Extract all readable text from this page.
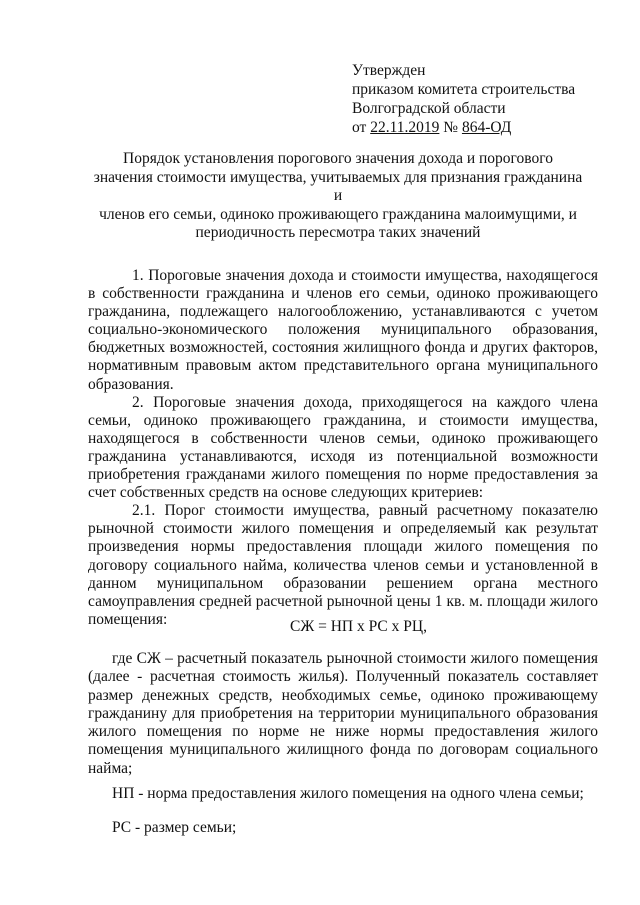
Утвержден
приказом комитета строительства
Волгоградской области
от 22.11.2019 № 864-ОД
Порядок установления порогового значения дохода и порогового
значения стоимости имущества, учитываемых для признания гражданина и
членов его семьи, одиноко проживающего гражданина малоимущими, и
периодичность пересмотра таких значений

1. Пороговые значения дохода и стоимости имущества, находящегося в собственности гражданина и членов его семьи, одиноко проживающего гражданина, подлежащего налогообложению, устанавливаются с учетом социально-экономического положения муниципального образования, бюджетных возможностей, состояния жилищного фонда и других факторов, нормативным правовым актом представительного органа муниципального образования.

2. Пороговые значения дохода, приходящегося на каждого члена семьи, одиноко проживающего гражданина, и стоимости имущества, находящегося в собственности членов семьи, одиноко проживающего гражданина устанавливаются, исходя из потенциальной возможности приобретения гражданами жилого помещения по норме предоставления за счет собственных средств на основе следующих критериев:

2.1. Порог стоимости имущества, равный расчетному показателю рыночной стоимости жилого помещения и определяемый как результат произведения нормы предоставления площади жилого помещения по договору социального найма, количества членов семьи и установленной в данном муниципальном образовании решением органа местного самоуправления средней расчетной рыночной цены 1 кв. м. площади жилого помещения:	СЖ = НП х РС х РЦ,

где СЖ – расчетный показатель рыночной стоимости жилого помещения (далее - расчетная стоимость жилья). Полученный показатель составляет размер денежных средств, необходимых семье, одиноко проживающему гражданину для приобретения на территории муниципального образования жилого помещения по норме не ниже нормы предоставления жилого помещения муниципального жилищного фонда по договорам социального найма;

НП - норма предоставления жилого помещения на одного члена семьи;
РС - размер семьи;
